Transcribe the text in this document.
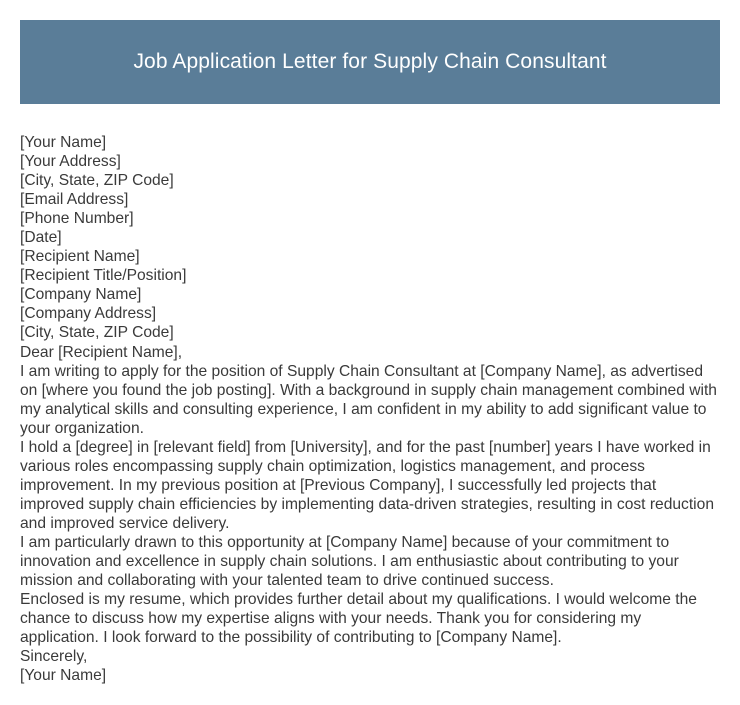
Job Application Letter for Supply Chain Consultant
[Your Name]
[Your Address]
[City, State, ZIP Code]
[Email Address]
[Phone Number]
[Date]
[Recipient Name]
[Recipient Title/Position]
[Company Name]
[Company Address]
[City, State, ZIP Code]
Dear [Recipient Name],
I am writing to apply for the position of Supply Chain Consultant at [Company Name], as advertised on [where you found the job posting]. With a background in supply chain management combined with my analytical skills and consulting experience, I am confident in my ability to add significant value to your organization.
I hold a [degree] in [relevant field] from [University], and for the past [number] years I have worked in various roles encompassing supply chain optimization, logistics management, and process improvement. In my previous position at [Previous Company], I successfully led projects that improved supply chain efficiencies by implementing data-driven strategies, resulting in cost reduction and improved service delivery.
I am particularly drawn to this opportunity at [Company Name] because of your commitment to innovation and excellence in supply chain solutions. I am enthusiastic about contributing to your mission and collaborating with your talented team to drive continued success.
Enclosed is my resume, which provides further detail about my qualifications. I would welcome the chance to discuss how my expertise aligns with your needs. Thank you for considering my application. I look forward to the possibility of contributing to [Company Name].
Sincerely,
[Your Name]
